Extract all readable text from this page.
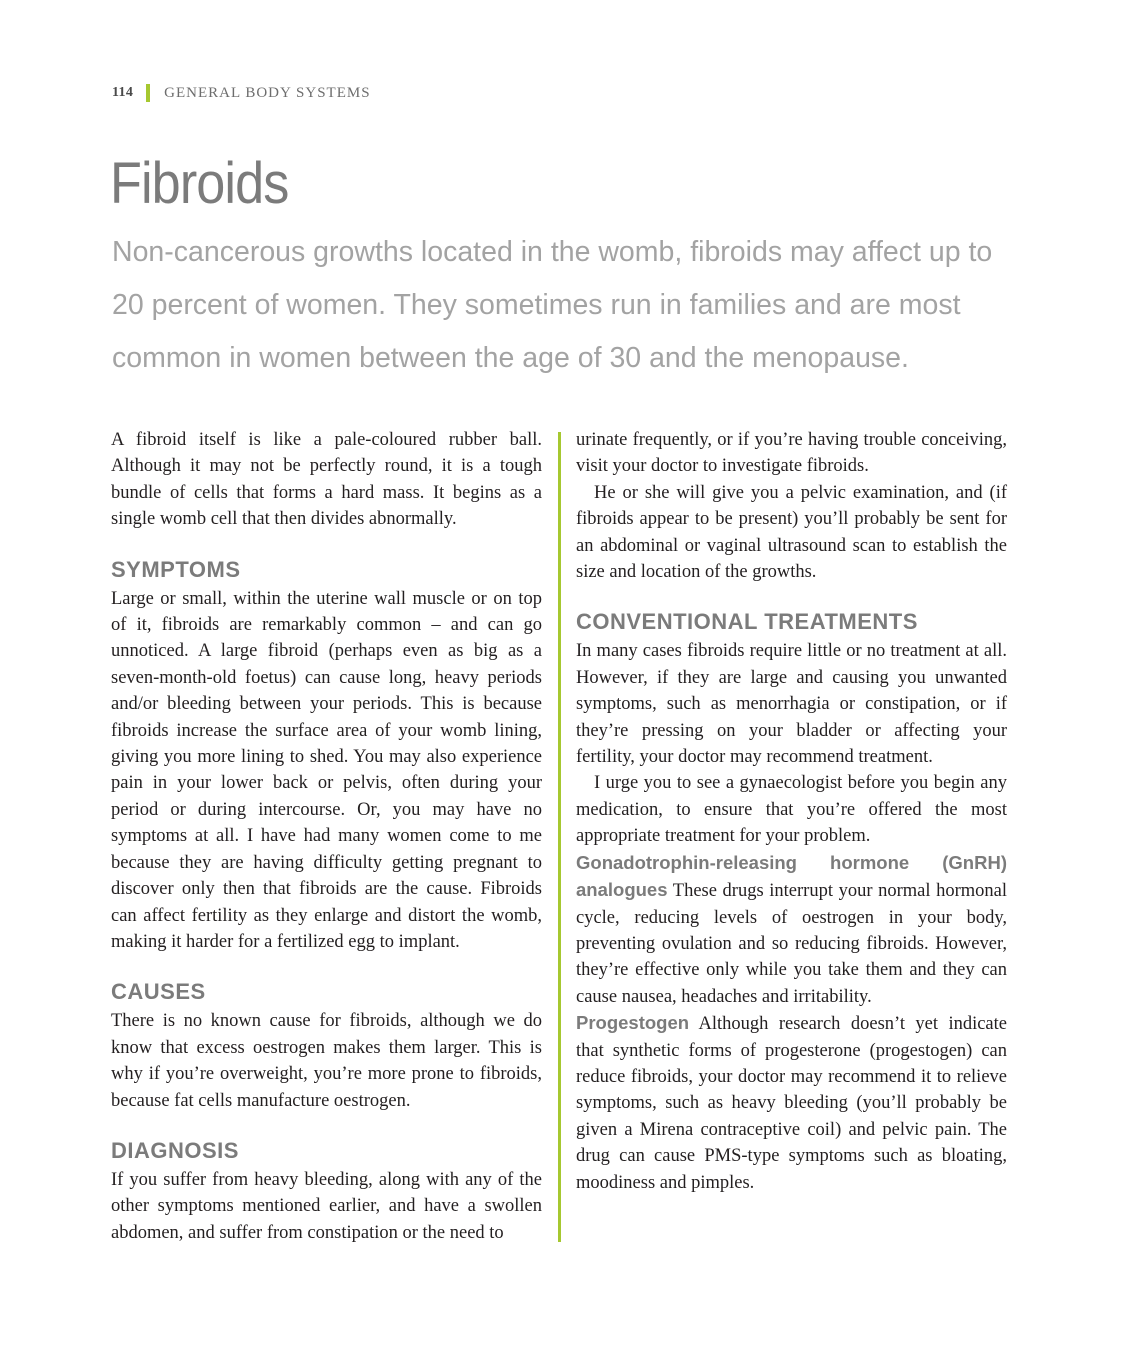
114 GENERAL BODY SYSTEMS
Fibroids

Non-cancerous growths located in the womb, fibroids may affect up to 20 percent of women. They sometimes run in families and are most common in women between the age of 30 and the menopause.

A fibroid itself is like a pale-coloured rubber ball. Although it may not be perfectly round, it is a tough bundle of cells that forms a hard mass. It begins as a single womb cell that then divides abnormally.

SYMPTOMS

Large or small, within the uterine wall muscle or on top of it, fibroids are remarkably common – and can go unnoticed. A large fibroid (perhaps even as big as a seven-month-old foetus) can cause long, heavy periods and/or bleeding between your periods. This is because fibroids increase the surface area of your womb lining, giving you more lining to shed. You may also experience pain in your lower back or pelvis, often during your period or during intercourse. Or, you may have no symptoms at all. I have had many women come to me because they are having difficulty getting pregnant to discover only then that fibroids are the cause. Fibroids can affect fertility as they enlarge and distort the womb, making it harder for a fertilized egg to implant.

CAUSES

There is no known cause for fibroids, although we do know that excess oestrogen makes them larger. This is why if you’re overweight, you’re more prone to fibroids, because fat cells manufacture oestrogen.

DIAGNOSIS

If you suffer from heavy bleeding, along with any of the other symptoms mentioned earlier, and have a swollen abdomen, and suffer from constipation or the need to

urinate frequently, or if you’re having trouble conceiving, visit your doctor to investigate fibroids.

He or she will give you a pelvic examination, and (if fibroids appear to be present) you’ll probably be sent for an abdominal or vaginal ultrasound scan to establish the size and location of the growths.

CONVENTIONAL TREATMENTS

In many cases fibroids require little or no treatment at all. However, if they are large and causing you unwanted symptoms, such as menorrhagia or constipation, or if they’re pressing on your bladder or affecting your fertility, your doctor may recommend treatment.

I urge you to see a gynaecologist before you begin any medication, to ensure that you’re offered the most appropriate treatment for your problem.

Gonadotrophin-releasing hormone (GnRH) analogues These drugs interrupt your normal hormonal cycle, reducing levels of oestrogen in your body, preventing ovulation and so reducing fibroids. However, they’re effective only while you take them and they can cause nausea, headaches and irritability.

Progestogen Although research doesn’t yet indicate that synthetic forms of progesterone (progestogen) can reduce fibroids, your doctor may recommend it to relieve symptoms, such as heavy bleeding (you’ll probably be given a Mirena contraceptive coil) and pelvic pain. The drug can cause PMS-type symptoms such as bloating, moodiness and pimples.
